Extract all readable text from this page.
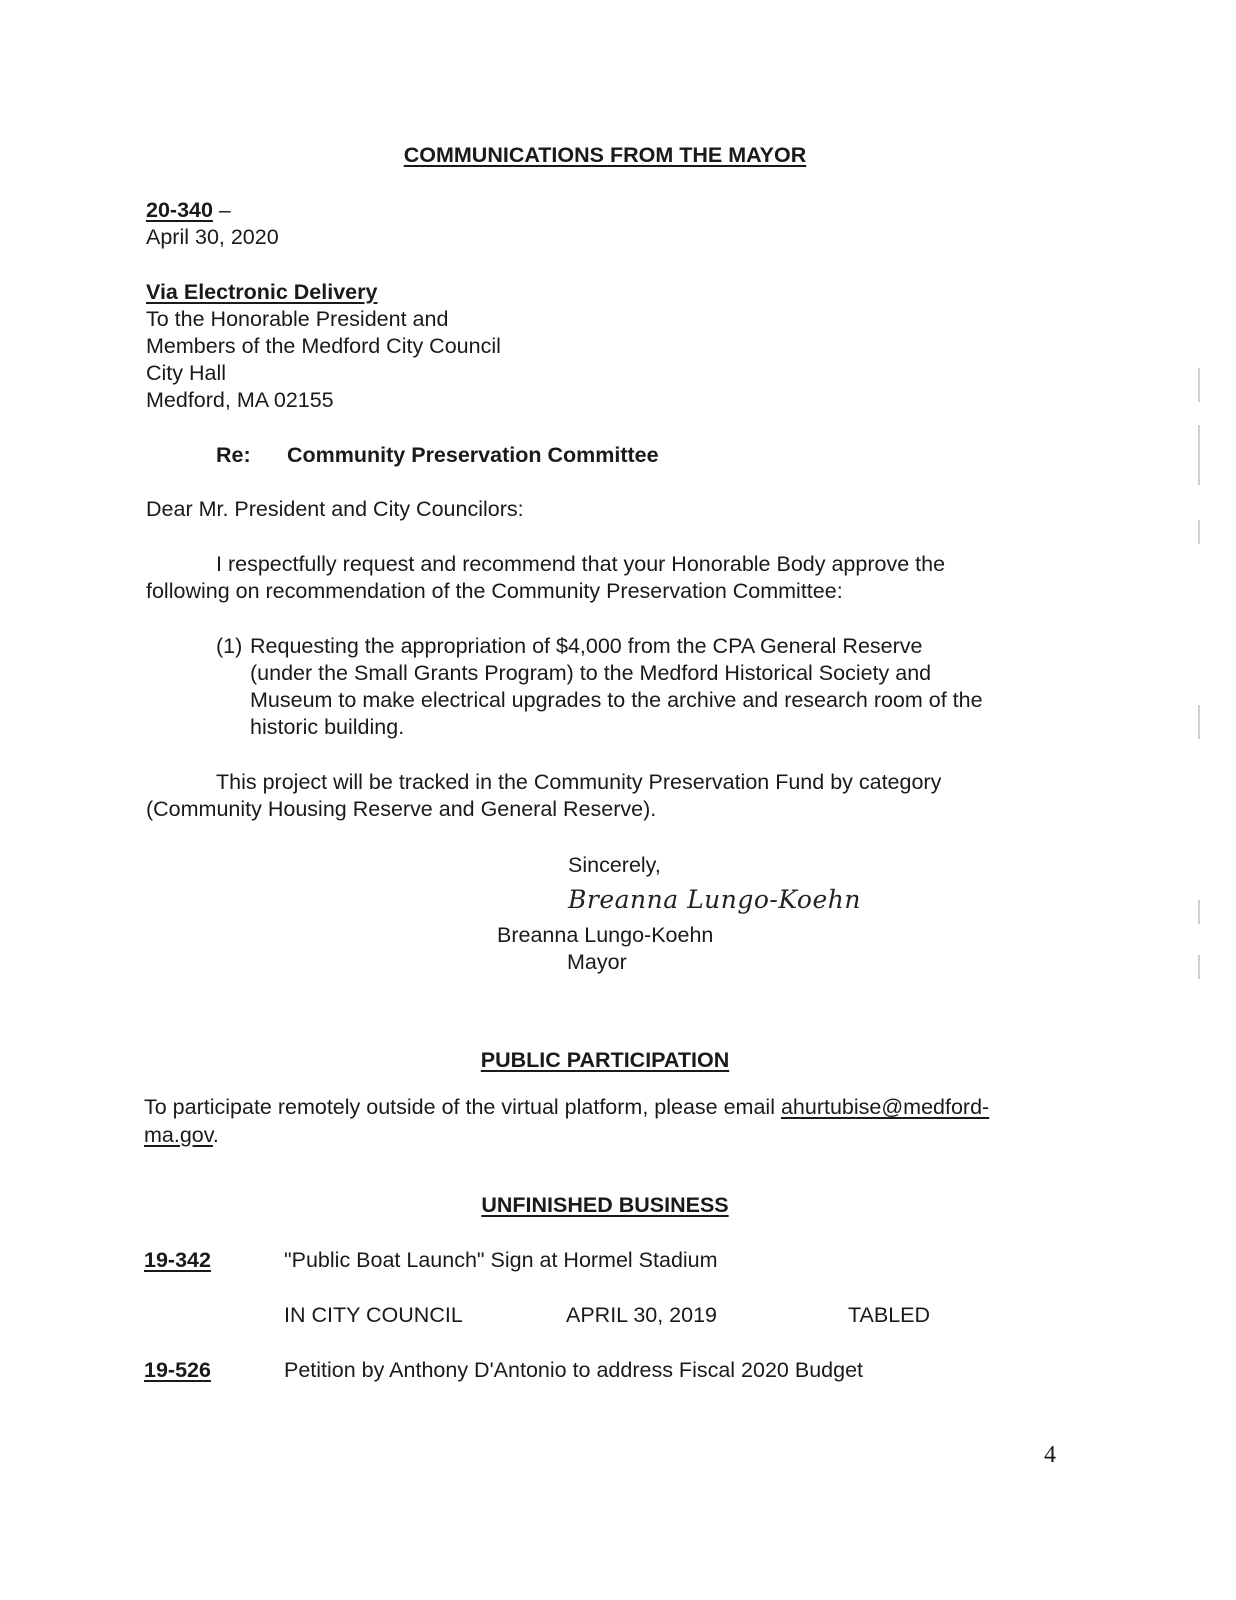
COMMUNICATIONS FROM THE MAYOR
20-340 –
April 30, 2020
Via Electronic Delivery
To the Honorable President and
Members of the Medford City Council
City Hall
Medford, MA 02155
Re: Community Preservation Committee
Dear Mr. President and City Councilors:
I respectfully request and recommend that your Honorable Body approve the
following on recommendation of the Community Preservation Committee:
(1) Requesting the appropriation of $4,000 from the CPA General Reserve
(under the Small Grants Program) to the Medford Historical Society and
Museum to make electrical upgrades to the archive and research room of the
historic building.
This project will be tracked in the Community Preservation Fund by category
(Community Housing Reserve and General Reserve).
Sincerely,
Breanna Lungo-Koehn
Breanna Lungo-Koehn
Mayor
PUBLIC PARTICIPATION
To participate remotely outside of the virtual platform, please email ahurtubise@medford-
ma.gov.
UNFINISHED BUSINESS
19-342	"Public Boat Launch" Sign at Hormel Stadium
IN CITY COUNCIL	APRIL 30, 2019	TABLED
19-526	Petition by Anthony D'Antonio to address Fiscal 2020 Budget
4
